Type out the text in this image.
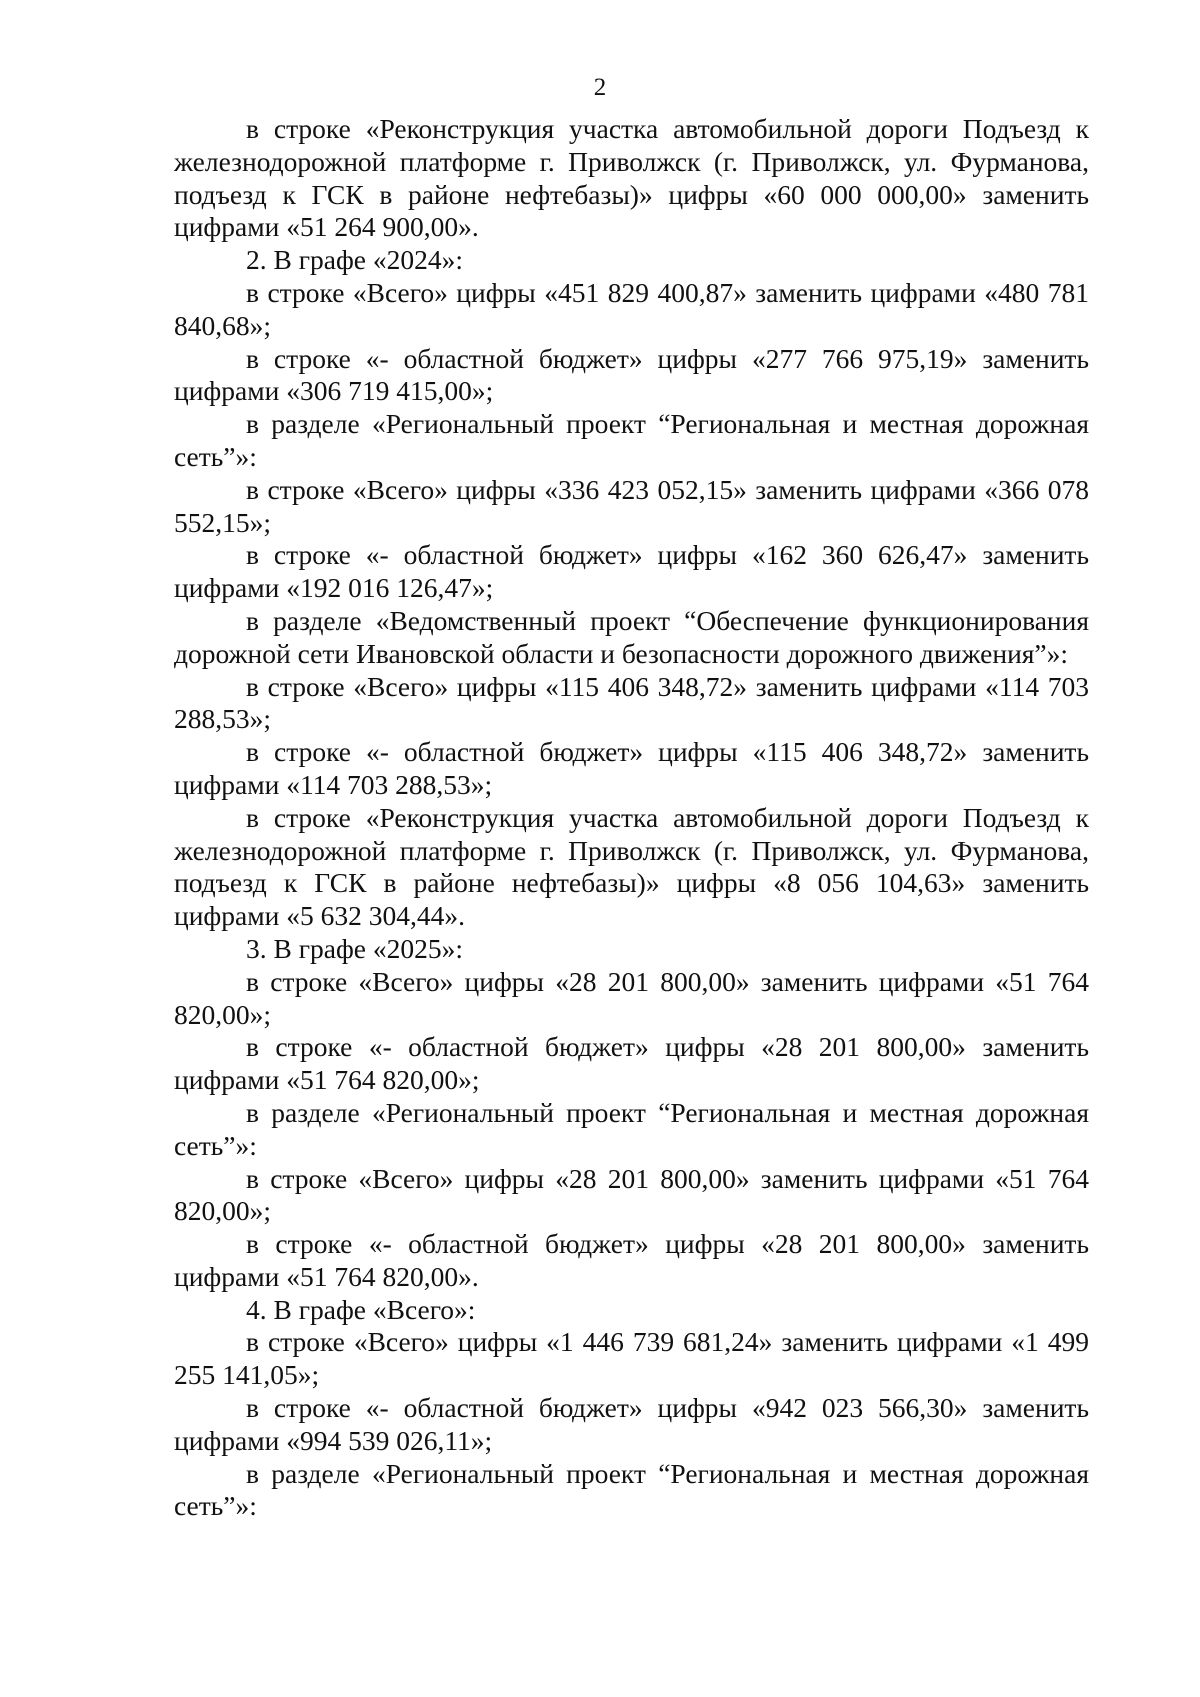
2

в строке «Реконструкция участка автомобильной дороги Подъезд к железнодорожной платформе г. Приволжск (г. Приволжск, ул. Фурманова, подъезд к ГСК в районе нефтебазы)» цифры «60 000 000,00» заменить цифрами «51 264 900,00».

2. В графе «2024»:

в строке «Всего» цифры «451 829 400,87» заменить цифрами «480 781 840,68»;

в строке «- областной бюджет» цифры «277 766 975,19» заменить цифрами «306 719 415,00»;

в разделе «Региональный проект “Региональная и местная дорожная сеть”»:

в строке «Всего» цифры «336 423 052,15» заменить цифрами «366 078 552,15»;

в строке «- областной бюджет» цифры «162 360 626,47» заменить цифрами «192 016 126,47»;

в разделе «Ведомственный проект “Обеспечение функционирования дорожной сети Ивановской области и безопасности дорожного движения”»:

в строке «Всего» цифры «115 406 348,72» заменить цифрами «114 703 288,53»;

в строке «- областной бюджет» цифры «115 406 348,72» заменить цифрами «114 703 288,53»;

в строке «Реконструкция участка автомобильной дороги Подъезд к железнодорожной платформе г. Приволжск (г. Приволжск, ул. Фурманова, подъезд к ГСК в районе нефтебазы)» цифры «8 056 104,63» заменить цифрами «5 632 304,44».

3. В графе «2025»:

в строке «Всего» цифры «28 201 800,00» заменить цифрами «51 764 820,00»;

в строке «- областной бюджет» цифры «28 201 800,00» заменить цифрами «51 764 820,00»;

в разделе «Региональный проект “Региональная и местная дорожная сеть”»:

в строке «Всего» цифры «28 201 800,00» заменить цифрами «51 764 820,00»;

в строке «- областной бюджет» цифры «28 201 800,00» заменить цифрами «51 764 820,00».

4. В графе «Всего»:

в строке «Всего» цифры «1 446 739 681,24» заменить цифрами «1 499 255 141,05»;

в строке «- областной бюджет» цифры «942 023 566,30» заменить цифрами «994 539 026,11»;

в разделе «Региональный проект “Региональная и местная дорожная сеть”»:
